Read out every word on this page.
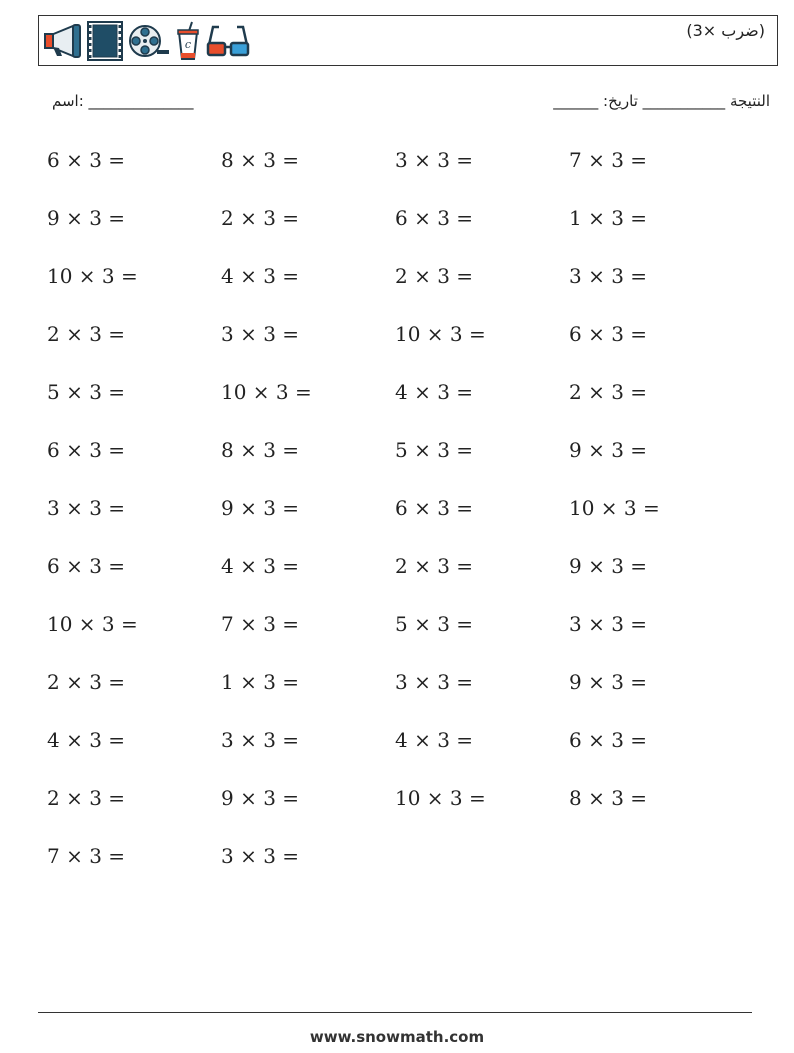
c
(ضرب ×3)
اسم: ______________	النتيجة ___________ تاريخ: ______
6 × 3 =	8 × 3 =	3 × 3 =	7 × 3 =
9 × 3 =	2 × 3 =	6 × 3 =	1 × 3 =
10 × 3 =	4 × 3 =	2 × 3 =	3 × 3 =
2 × 3 =	3 × 3 =	10 × 3 =	6 × 3 =
5 × 3 =	10 × 3 =	4 × 3 =	2 × 3 =
6 × 3 =	8 × 3 =	5 × 3 =	9 × 3 =
3 × 3 =	9 × 3 =	6 × 3 =	10 × 3 =
6 × 3 =	4 × 3 =	2 × 3 =	9 × 3 =
10 × 3 =	7 × 3 =	5 × 3 =	3 × 3 =
2 × 3 =	1 × 3 =	3 × 3 =	9 × 3 =
4 × 3 =	3 × 3 =	4 × 3 =	6 × 3 =
2 × 3 =	9 × 3 =	10 × 3 =	8 × 3 =
7 × 3 =	3 × 3 =
www.snowmath.com
